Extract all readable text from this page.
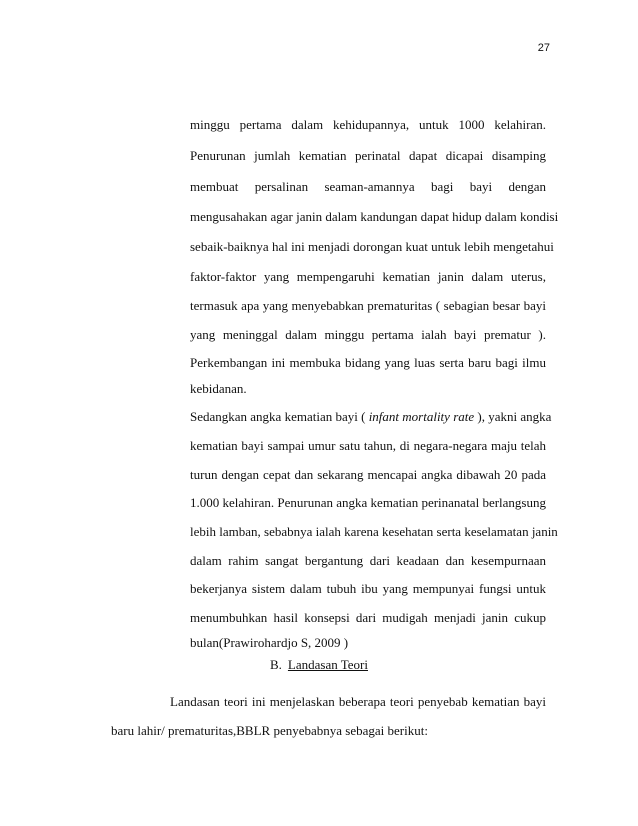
27
minggu pertama dalam kehidupannya, untuk 1000 kelahiran.
Penurunan jumlah kematian perinatal dapat dicapai disamping
membuat persalinan seaman-amannya bagi bayi dengan
mengusahakan agar janin dalam kandungan dapat hidup dalam kondisi
sebaik-baiknya hal ini menjadi dorongan kuat untuk lebih mengetahui
faktor-faktor yang mempengaruhi kematian janin dalam uterus,
termasuk apa yang menyebabkan prematuritas ( sebagian besar bayi
yang meninggal dalam minggu pertama ialah bayi prematur ).
Perkembangan ini membuka bidang yang luas serta baru bagi ilmu
kebidanan.
Sedangkan angka kematian bayi ( infant mortality rate ), yakni angka
kematian bayi sampai umur satu tahun, di negara-negara maju telah
turun dengan cepat dan sekarang mencapai angka dibawah 20 pada
1.000 kelahiran. Penurunan angka kematian perinanatal berlangsung
lebih lamban, sebabnya ialah karena kesehatan serta keselamatan janin
dalam rahim sangat bergantung dari keadaan dan kesempurnaan
bekerjanya sistem dalam tubuh ibu yang mempunyai fungsi untuk
menumbuhkan hasil konsepsi dari mudigah menjadi janin cukup
bulan(Prawirohardjo S, 2009 )
B. Landasan Teori
Landasan teori ini menjelaskan beberapa teori penyebab kematian bayi
baru lahir/ prematuritas,BBLR penyebabnya sebagai berikut:
